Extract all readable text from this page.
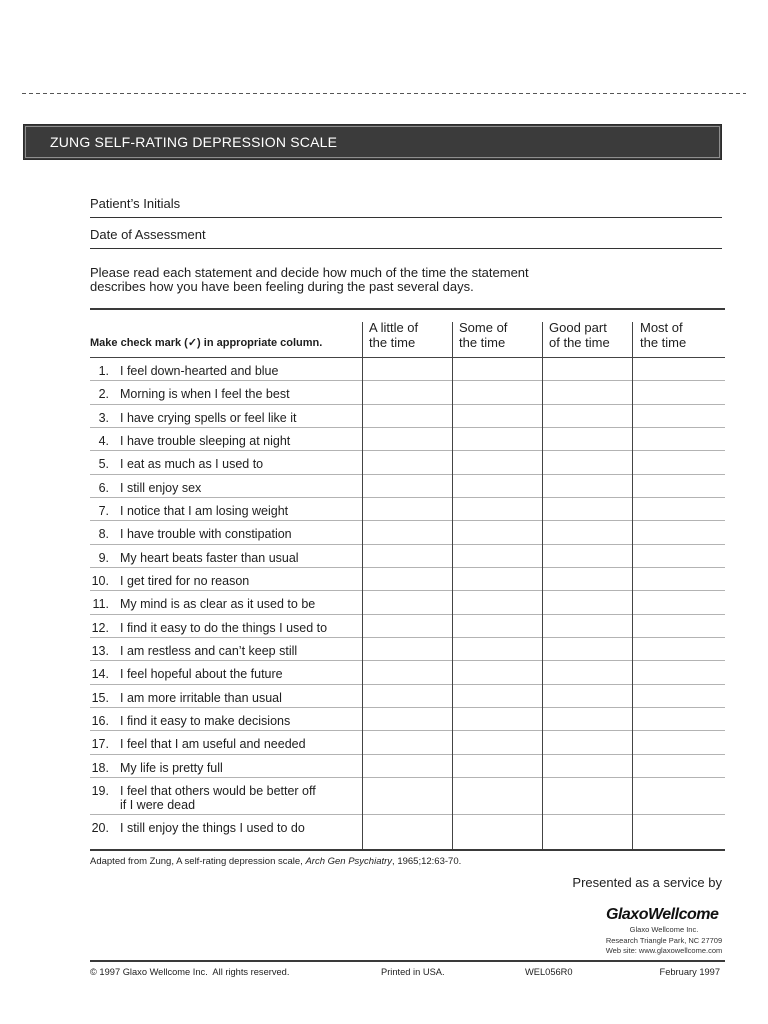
ZUNG SELF-RATING DEPRESSION SCALE
Patient’s Initials
Date of Assessment
Please read each statement and decide how much of the time the statement
describes how you have been feeling during the past several days.
Make check mark (✓) in appropriate column.
A little of
the time
Some of
the time
Good part
of the time
Most of
the time
1. I feel down-hearted and blue
2. Morning is when I feel the best
3. I have crying spells or feel like it
4. I have trouble sleeping at night
5. I eat as much as I used to
6. I still enjoy sex
7. I notice that I am losing weight
8. I have trouble with constipation
9. My heart beats faster than usual
10. I get tired for no reason
11. My mind is as clear as it used to be
12. I find it easy to do the things I used to
13. I am restless and can’t keep still
14. I feel hopeful about the future
15. I am more irritable than usual
16. I find it easy to make decisions
17. I feel that I am useful and needed
18. My life is pretty full
19. I feel that others would be better off
if I were dead
20. I still enjoy the things I used to do
Adapted from Zung, A self-rating depression scale, Arch Gen Psychiatry, 1965;12:63-70.
Presented as a service by
GlaxoWellcome
Glaxo Wellcome Inc.
Research Triangle Park, NC 27709
Web site: www.glaxowellcome.com
© 1997 Glaxo Wellcome Inc.  All rights reserved.	Printed in USA.	WEL056R0	February 1997
